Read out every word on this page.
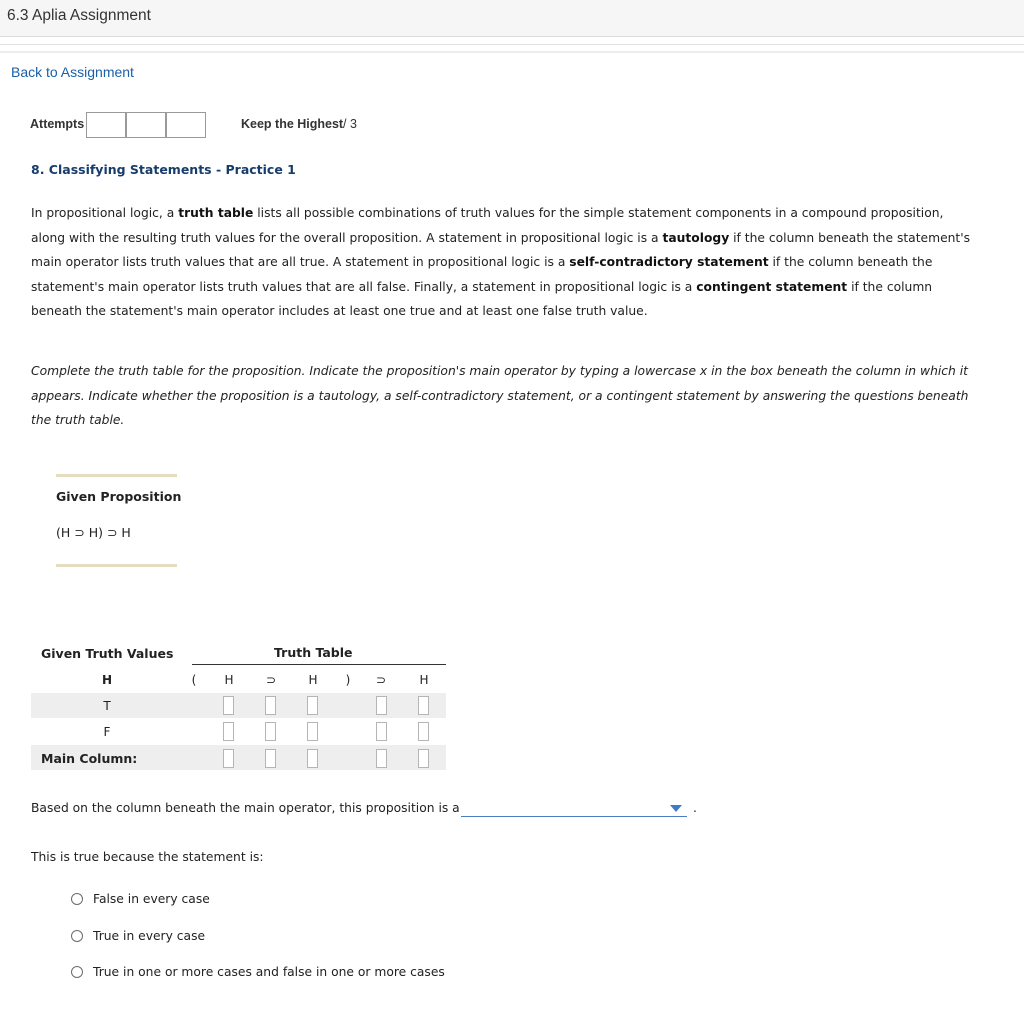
6.3 Aplia Assignment
Back to Assignment
Attempts	Keep the Highest / 3
8. Classifying Statements - Practice 1
In propositional logic, a truth table lists all possible combinations of truth values for the simple statement components in a compound proposition, along with the resulting truth values for the overall proposition. A statement in propositional logic is a tautology if the column beneath the statement's main operator lists truth values that are all true. A statement in propositional logic is a self-contradictory statement if the column beneath the statement's main operator lists truth values that are all false. Finally, a statement in propositional logic is a contingent statement if the column beneath the statement's main operator includes at least one true and at least one false truth value.
Complete the truth table for the proposition. Indicate the proposition's main operator by typing a lowercase x in the box beneath the column in which it appears. Indicate whether the proposition is a tautology, a self-contradictory statement, or a contingent statement by answering the questions beneath the truth table.
Given Proposition
(H ⊃ H) ⊃ H
Given Truth Values	Truth Table
H	(	H	⊃	H	)	⊃	H
T
F
Main Column:
Based on the column beneath the main operator, this proposition is a	.
This is true because the statement is:
False in every case
True in every case
True in one or more cases and false in one or more cases
